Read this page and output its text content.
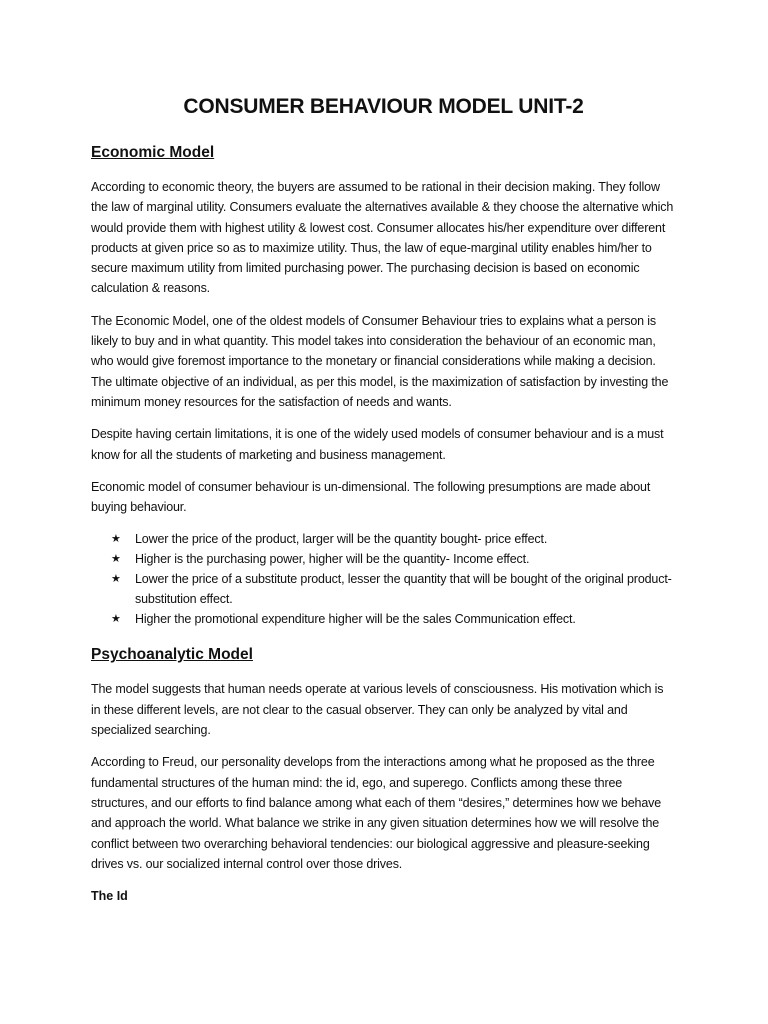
CONSUMER BEHAVIOUR MODEL UNIT-2
Economic Model

According to economic theory, the buyers are assumed to be rational in their decision making. They follow the law of marginal utility. Consumers evaluate the alternatives available & they choose the alternative which would provide them with highest utility & lowest cost. Consumer allocates his/her expenditure over different products at given price so as to maximize utility. Thus, the law of eque-marginal utility enables him/her to secure maximum utility from limited purchasing power. The purchasing decision is based on economic calculation & reasons.

The Economic Model, one of the oldest models of Consumer Behaviour tries to explains what a person is likely to buy and in what quantity. This model takes into consideration the behaviour of an economic man, who would give foremost importance to the monetary or financial considerations while making a decision. The ultimate objective of an individual, as per this model, is the maximization of satisfaction by investing the minimum money resources for the satisfaction of needs and wants.

Despite having certain limitations, it is one of the widely used models of consumer behaviour and is a must know for all the students of marketing and business management.

Economic model of consumer behaviour is un-dimensional. The following presumptions are made about buying behaviour.

★ Lower the price of the product, larger will be the quantity bought- price effect.
★ Higher is the purchasing power, higher will be the quantity- Income effect.
★ Lower the price of a substitute product, lesser the quantity that will be bought of the original product- substitution effect.
★ Higher the promotional expenditure higher will be the sales Communication effect.
Psychoanalytic Model

The model suggests that human needs operate at various levels of consciousness. His motivation which is in these different levels, are not clear to the casual observer. They can only be analyzed by vital and specialized searching.

According to Freud, our personality develops from the interactions among what he proposed as the three fundamental structures of the human mind: the id, ego, and superego. Conflicts among these three structures, and our efforts to find balance among what each of them “desires,” determines how we behave and approach the world. What balance we strike in any given situation determines how we will resolve the conflict between two overarching behavioral tendencies: our biological aggressive and pleasure-seeking drives vs. our socialized internal control over those drives.

The Id
